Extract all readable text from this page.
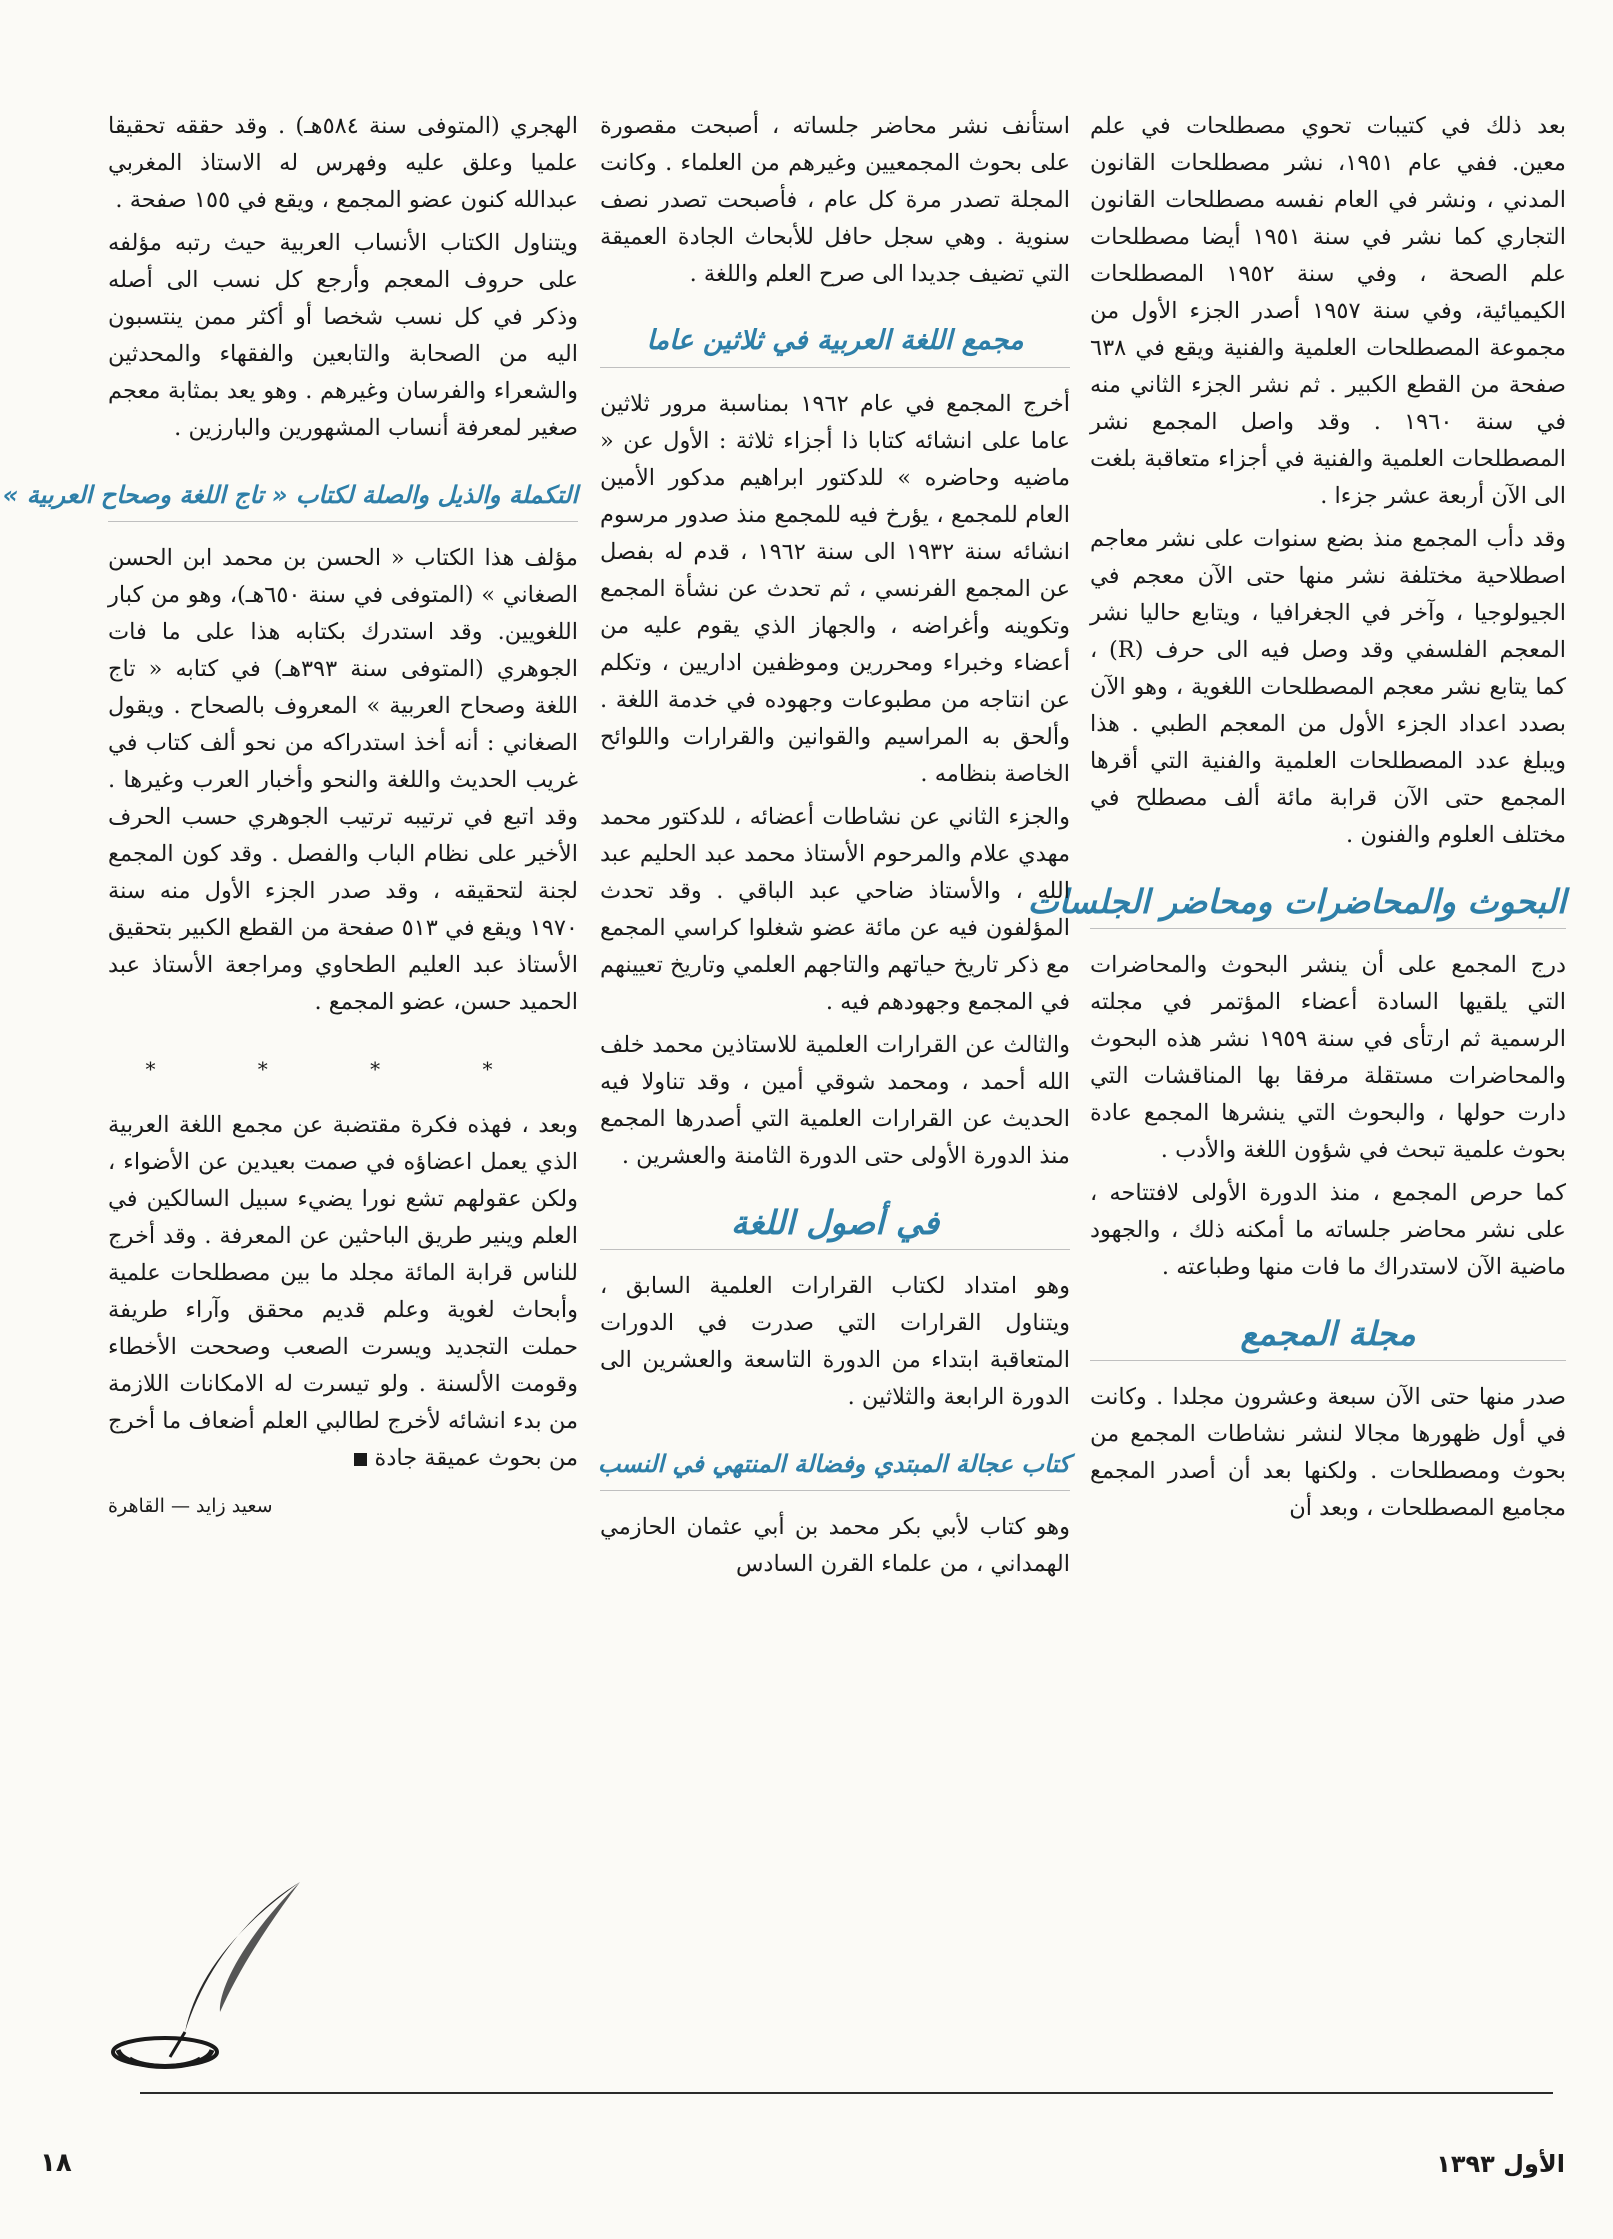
بعد ذلك في كتيبات تحوي مصطلحات في علم معين. ففي عام ١٩٥١، نشر مصطلحات القانون المدني ، ونشر في العام نفسه مصطلحات القانون التجاري كما نشر في سنة ١٩٥١ أيضا مصطلحات علم الصحة ، وفي سنة ١٩٥٢ المصطلحات الكيميائية، وفي سنة ١٩٥٧ أصدر الجزء الأول من مجموعة المصطلحات العلمية والفنية ويقع في ٦٣٨ صفحة من القطع الكبير . ثم نشر الجزء الثاني منه في سنة ١٩٦٠ . وقد واصل المجمع نشر المصطلحات العلمية والفنية في أجزاء متعاقبة بلغت الى الآن أربعة عشر جزءا .

وقد دأب المجمع منذ بضع سنوات على نشر معاجم اصطلاحية مختلفة نشر منها حتى الآن معجم في الجيولوجيا ، وآخر في الجغرافيا ، ويتابع حاليا نشر المعجم الفلسفي وقد وصل فيه الى حرف (R) ، كما يتابع نشر معجم المصطلحات اللغوية ، وهو الآن بصدد اعداد الجزء الأول من المعجم الطبي . هذا ويبلغ عدد المصطلحات العلمية والفنية التي أقرها المجمع حتى الآن قرابة مائة ألف مصطلح في مختلف العلوم والفنون .

البحوث والمحاضرات ومحاضر الجلسات

درج المجمع على أن ينشر البحوث والمحاضرات التي يلقيها السادة أعضاء المؤتمر في مجلته الرسمية ثم ارتأى في سنة ١٩٥٩ نشر هذه البحوث والمحاضرات مستقلة مرفقا بها المناقشات التي دارت حولها ، والبحوث التي ينشرها المجمع عادة بحوث علمية تبحث في شؤون اللغة والأدب .

كما حرص المجمع ، منذ الدورة الأولى لافتتاحه ، على نشر محاضر جلساته ما أمكنه ذلك ، والجهود ماضية الآن لاستدراك ما فات منها وطباعته .

مجلة المجمع

صدر منها حتى الآن سبعة وعشرون مجلدا . وكانت في أول ظهورها مجالا لنشر نشاطات المجمع من بحوث ومصطلحات . ولكنها بعد أن أصدر المجمع مجاميع المصطلحات ، وبعد أن

استأنف نشر محاضر جلساته ، أصبحت مقصورة على بحوث المجمعيين وغيرهم من العلماء . وكانت المجلة تصدر مرة كل عام ، فأصبحت تصدر نصف سنوية . وهي سجل حافل للأبحاث الجادة العميقة التي تضيف جديدا الى صرح العلم واللغة .

مجمع اللغة العربية في ثلاثين عاما

أخرج المجمع في عام ١٩٦٢ بمناسبة مرور ثلاثين عاما على انشائه كتابا ذا أجزاء ثلاثة : الأول عن « ماضيه وحاضره » للدكتور ابراهيم مدكور الأمين العام للمجمع ، يؤرخ فيه للمجمع منذ صدور مرسوم انشائه سنة ١٩٣٢ الى سنة ١٩٦٢ ، قدم له بفصل عن المجمع الفرنسي ، ثم تحدث عن نشأة المجمع وتكوينه وأغراضه ، والجهاز الذي يقوم عليه من أعضاء وخبراء ومحررين وموظفين اداريين ، وتكلم عن انتاجه من مطبوعات وجهوده في خدمة اللغة . وألحق به المراسيم والقوانين والقرارات واللوائح الخاصة بنظامه .

والجزء الثاني عن نشاطات أعضائه ، للدكتور محمد مهدي علام والمرحوم الأستاذ محمد عبد الحليم عبد الله ، والأستاذ ضاحي عبد الباقي . وقد تحدث المؤلفون فيه عن مائة عضو شغلوا كراسي المجمع مع ذكر تاريخ حياتهم والتاجهم العلمي وتاريخ تعيينهم في المجمع وجهودهم فيه .

والثالث عن القرارات العلمية للاستاذين محمد خلف الله أحمد ، ومحمد شوقي أمين ، وقد تناولا فيه الحديث عن القرارات العلمية التي أصدرها المجمع منذ الدورة الأولى حتى الدورة الثامنة والعشرين .

في أصول اللغة

وهو امتداد لكتاب القرارات العلمية السابق ، ويتناول القرارات التي صدرت في الدورات المتعاقبة ابتداء من الدورة التاسعة والعشرين الى الدورة الرابعة والثلاثين .

كتاب عجالة المبتدي وفضالة المنتهي في النسب

وهو كتاب لأبي بكر محمد بن أبي عثمان الحازمي الهمداني ، من علماء القرن السادس

الهجري (المتوفى سنة ٥٨٤هـ) . وقد حققه تحقيقا علميا وعلق عليه وفهرس له الاستاذ المغربي عبدالله كنون عضو المجمع ، ويقع في ١٥٥ صفحة .

ويتناول الكتاب الأنساب العربية حيث رتبه مؤلفه على حروف المعجم وأرجع كل نسب الى أصله وذكر في كل نسب شخصا أو أكثر ممن ينتسبون اليه من الصحابة والتابعين والفقهاء والمحدثين والشعراء والفرسان وغيرهم . وهو يعد بمثابة معجم صغير لمعرفة أنساب المشهورين والبارزين .

التكملة والذيل والصلة لكتاب « تاج اللغة وصحاح العربية »

مؤلف هذا الكتاب « الحسن بن محمد ابن الحسن الصغاني » (المتوفى في سنة ٦٥٠هـ)، وهو من كبار اللغويين. وقد استدرك بكتابه هذا على ما فات الجوهري (المتوفى سنة ٣٩٣هـ) في كتابه « تاج اللغة وصحاح العربية » المعروف بالصحاح . ويقول الصغاني : أنه أخذ استدراكه من نحو ألف كتاب في غريب الحديث واللغة والنحو وأخبار العرب وغيرها . وقد اتبع في ترتيبه ترتيب الجوهري حسب الحرف الأخير على نظام الباب والفصل . وقد كون المجمع لجنة لتحقيقه ، وقد صدر الجزء الأول منه سنة ١٩٧٠ ويقع في ٥١٣ صفحة من القطع الكبير بتحقيق الأستاذ عبد العليم الطحاوي ومراجعة الأستاذ عبد الحميد حسن، عضو المجمع .

* * * *

وبعد ، فهذه فكرة مقتضبة عن مجمع اللغة العربية الذي يعمل اعضاؤه في صمت بعيدين عن الأضواء ، ولكن عقولهم تشع نورا يضيء سبيل السالكين في العلم وينير طريق الباحثين عن المعرفة . وقد أخرج للناس قرابة المائة مجلد ما بين مصطلحات علمية وأبحاث لغوية وعلم قديم محقق وآراء طريفة حملت التجديد ويسرت الصعب وصححت الأخطاء وقومت الألسنة . ولو تيسرت له الامكانات اللازمة من بدء انشائه لأخرج لطالبي العلم أضعاف ما أخرج من بحوث عميقة جادة

سعيد زايد — القاهرة
١٨	الأول ١٣٩٣
